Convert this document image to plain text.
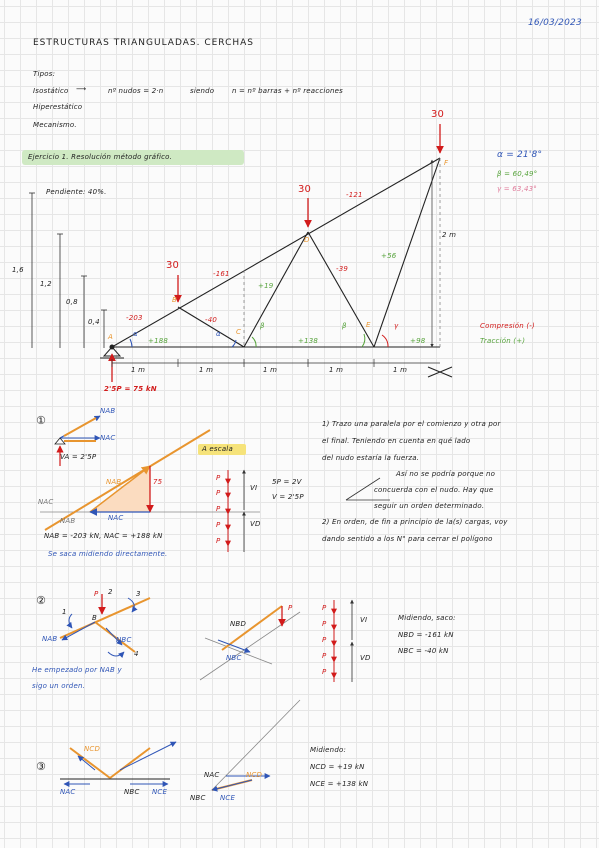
16/03/2023
ESTRUCTURAS TRIANGULADAS. CERCHAS
Tipos:
Isostático ⟶	nº nudos = 2·n	siendo	n = nº barras + nº reacciones
Hiperestático
Mecanismo.
Ejercicio 1. Resolución método gráfico.
Pendiente: 40%.
α = 21'8°
β = 60,49°
γ = 63,43°
1,6
1,2
0,8
0,4
2 m
30
30
30
A
B
C
D
E
F
-203
+188
-40
-161
+19
-39
+138
-121
+56
+98
α	α
β	β	γ
1 m	1 m	1 m	1 m	1 m
2'5P = 75 kN
Compresión (-)
Tracción (+)
①
NAB
NAC
VA = 2'5P
A escala
75
NAB
NAC
NAC
NAB
NAB = -203 kN, NAC = +188 kN
Se saca midiendo directamente.
P
P
P
P
P
VI
VD
5P = 2V
V = 2'5P
1) Trazo una paralela por el comienzo y otra por
el final. Teniendo en cuenta en qué lado
del nudo estaría la fuerza.
Así no se podría porque no
concuerda con el nudo. Hay que
seguir un orden determinado.
2) En orden, de fin a principio de la(s) cargas, voy
dando sentido a los N" para cerrar el polígono
②	P
B
NAB	NBC
1
2	3
4
He empezado por NAB y
sigo un orden.
NBD
NBC
P	P
P
P
P
P
VI
VD
Midiendo, saco:
NBD = -161 kN
NBC = -40 kN
③
NCD
NAC	NCE
NBC
NAC	NCD
NBC NCE
Midiendo:
NCD = +19 kN
NCE = +138 kN
